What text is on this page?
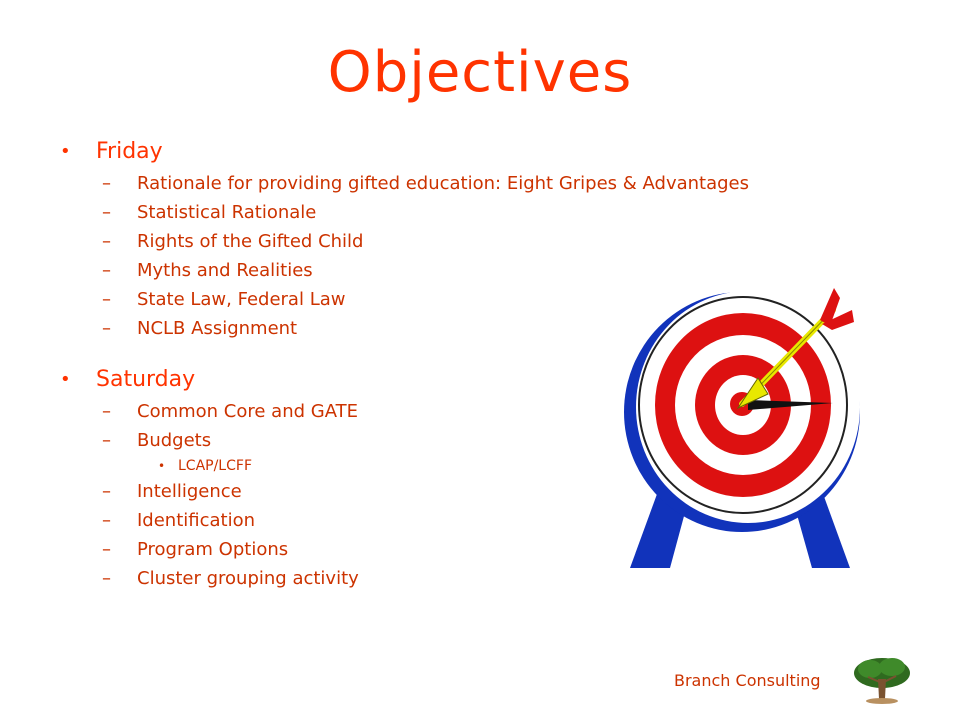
Objectives
• Friday
– Rationale for providing gifted education: Eight Gripes & Advantages
– Statistical Rationale
– Rights of the Gifted Child
– Myths and Realities
– State Law, Federal Law
– NCLB Assignment
• Saturday
– Common Core and GATE
– Budgets
• LCAP/LCFF
– Intelligence
– Identification
– Program Options
– Cluster grouping activity
Branch Consulting
